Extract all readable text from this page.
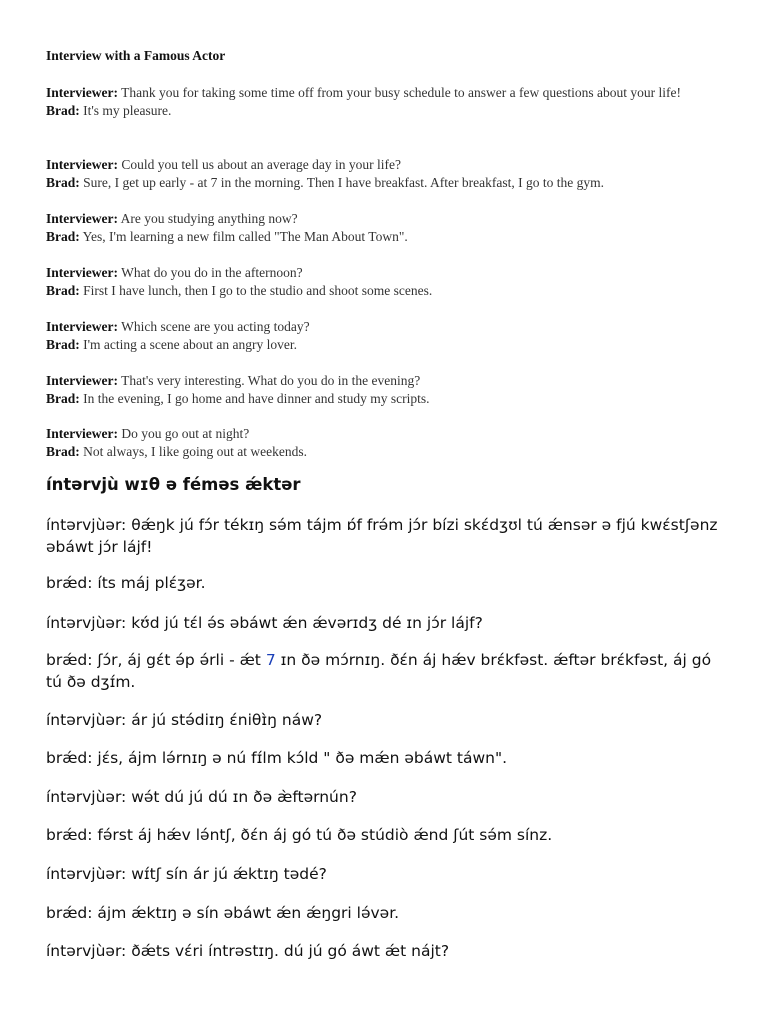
Interview with a Famous Actor

Interviewer: Thank you for taking some time off from your busy schedule to answer a few questions about your life!

Brad: It's my pleasure.

Interviewer: Could you tell us about an average day in your life?

Brad: Sure, I get up early - at 7 in the morning. Then I have breakfast. After breakfast, I go to the gym.

Interviewer: Are you studying anything now?

Brad: Yes, I'm learning a new film called "The Man About Town".

Interviewer: What do you do in the afternoon?

Brad: First I have lunch, then I go to the studio and shoot some scenes.

Interviewer: Which scene are you acting today?

Brad: I'm acting a scene about an angry lover.

Interviewer: That's very interesting. What do you do in the evening?

Brad: In the evening, I go home and have dinner and study my scripts.

Interviewer: Do you go out at night?

Brad: Not always, I like going out at weekends.

íntərvjù wɪθ ə féməs ǽktər

íntərvjùər: θǽŋk jú fɔ́r tékɪŋ sə́m tájm ɒ́f frə́m jɔ́r bízi skɛ́dʒʊl tú ǽnsər ə fjú kwɛ́stʃənz əbáwt jɔ́r lájf!

brǽd: íts máj plɛ́ʒər.

íntərvjùər: kʊ́d jú tɛ́l ə́s əbáwt ǽn ǽvərɪdʒ dé ɪn jɔ́r lájf?

brǽd: ʃɔ́r, áj gɛ́t ə́p ə́rli - ǽt 7 ɪn ðə mɔ́rnɪŋ. ðɛ́n áj hǽv brɛ́kfəst. ǽftər brɛ́kfəst, áj gó tú ðə dʒɪ́m.

íntərvjùər: ár jú stə́diɪŋ ɛ́niθɪ̀ŋ náw?

brǽd: jɛ́s, ájm lə́rnɪŋ ə nú fɪ́lm kɔ́ld " ðə mǽn əbáwt táwn".

íntərvjùər: wə́t dú jú dú ɪn ðə æ̀ftərnún?

brǽd: fə́rst áj hǽv lə́ntʃ, ðɛ́n áj gó tú ðə stúdiò ǽnd ʃút sə́m sínz.

íntərvjùər: wɪ́tʃ sín ár jú ǽktɪŋ tədé?

brǽd: ájm ǽktɪŋ ə sín əbáwt ǽn ǽŋgri lə́vər.

íntərvjùər: ðǽts vɛ́ri íntrəstɪŋ. dú jú gó áwt ǽt nájt?
